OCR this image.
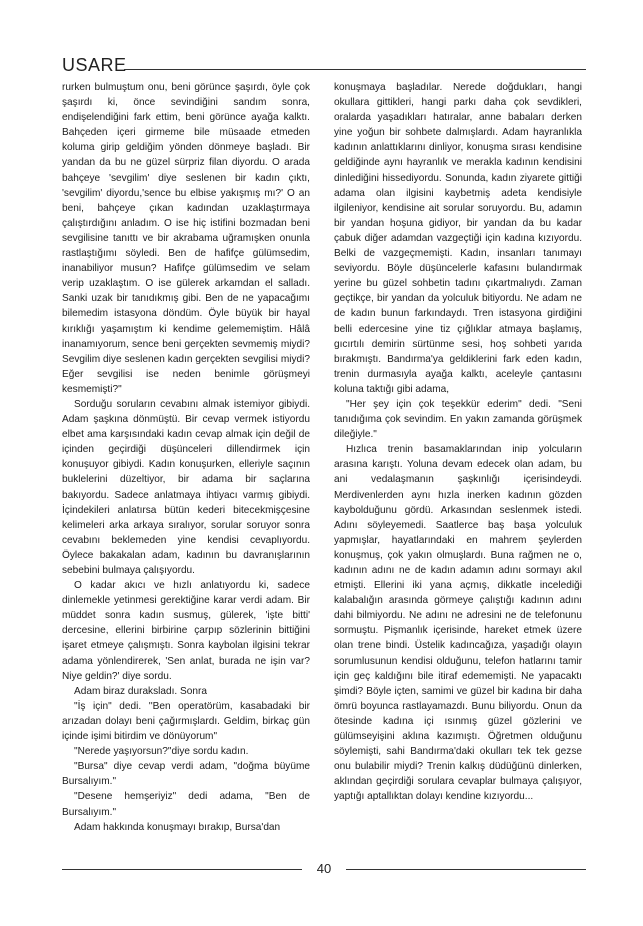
USARE

rurken bulmuştum onu, beni görünce şaşırdı, öyle çok şaşırdı ki, önce sevindiğini sandım sonra, endişelendiğini fark ettim, beni görünce ayağa kalktı. Bahçeden içeri girmeme bile müsaade etmeden koluma girip geldiğim yönden dönmeye başladı. Bir yandan da bu ne güzel sürpriz filan diyordu. O arada bahçeye 'sevgilim' diye seslenen bir kadın çıktı, 'sevgilim' diyordu,'sence bu elbise yakışmış mı?' O an beni, bahçeye çıkan kadından uzaklaştırmaya çalıştırdığını anladım. O ise hiç istifini bozmadan beni sevgilisine tanıttı ve bir akrabama uğramışken onunla rastlaştığımı söyledi. Ben de hafifçe gülümsedim, inanabiliyor musun? Hafifçe gülümsedim ve selam verip uzaklaştım. O ise gülerek arkamdan el salladı. Sanki uzak bir tanıdıkmış gibi. Ben de ne yapacağımı bilemedim istasyona döndüm. Öyle büyük bir hayal kırıklığı yaşamıştım ki kendime gelememiştim. Hâlâ inanamıyorum, sence beni gerçekten sevmemiş miydi? Sevgilim diye seslenen kadın gerçekten sevgilisi miydi? Eğer sevgilisi ise neden benimle görüşmeyi kesmemişti?"

Sorduğu soruların cevabını almak istemiyor gibiydi. Adam şaşkına dönmüştü. Bir cevap vermek istiyordu elbet ama karşısındaki kadın cevap almak için değil de içinden geçirdiği düşünceleri dillendirmek için konuşuyor gibiydi. Kadın konuşurken, elleriyle saçının buklelerini düzeltiyor, bir adama bir saçlarına bakıyordu. Sadece anlatmaya ihtiyacı varmış gibiydi. İçindekileri anlatırsa bütün kederi bitecekmişçesine kelimeleri arka arkaya sıralıyor, sorular soruyor sonra cevabını beklemeden yine kendisi cevaplıyordu. Öylece bakakalan adam, kadının bu davranışlarının sebebini bulmaya çalışıyordu.

O kadar akıcı ve hızlı anlatıyordu ki, sadece dinlemekle yetinmesi gerektiğine karar verdi adam. Bir müddet sonra kadın susmuş, gülerek, 'işte bitti' dercesine, ellerini birbirine çarpıp sözlerinin bittiğini işaret etmeye çalışmıştı. Sonra kaybolan ilgisini tekrar adama yönlendirerek, 'Sen anlat, burada ne işin var? Niye geldin?' diye sordu.

Adam biraz duraksladı. Sonra

"İş için" dedi. ''Ben operatörüm, kasabadaki bir arızadan dolayı beni çağırmışlardı. Geldim, birkaç gün içinde işimi bitirdim ve dönüyorum"

"Nerede yaşıyorsun?"diye sordu kadın.

"Bursa" diye cevap verdi adam, "doğma büyüme Bursalıyım."

"Desene hemşeriyiz" dedi adama, "Ben de Bursalıyım."

Adam hakkında konuşmayı bırakıp, Bursa'dan

konuşmaya başladılar. Nerede doğdukları, hangi okullara gittikleri, hangi parkı daha çok sevdikleri, oralarda yaşadıkları hatıralar, anne babaları derken yine yoğun bir sohbete dalmışlardı. Adam hayranlıkla kadının anlattıklarını dinliyor, konuşma sırası kendisine geldiğinde aynı hayranlık ve merakla kadının kendisini dinlediğini hissediyordu. Sonunda, kadın ziyarete gittiği adama olan ilgisini kaybetmiş adeta kendisiyle ilgileniyor, kendisine ait sorular soruyordu. Bu, adamın bir yandan hoşuna gidiyor, bir yandan da bu kadar çabuk diğer adamdan vazgeçtiği için kadına kızıyordu. Belki de vazgeçmemişti. Kadın, insanları tanımayı seviyordu. Böyle düşüncelerle kafasını bulandırmak yerine bu güzel sohbetin tadını çıkartmalıydı. Zaman geçtikçe, bir yandan da yolculuk bitiyordu. Ne adam ne de kadın bunun farkındaydı. Tren istasyona girdiğini belli edercesine yine tiz çığlıklar atmaya başlamış, gıcırtılı demirin sürtünme sesi, hoş sohbeti yarıda bırakmıştı. Bandırma'ya geldiklerini fark eden kadın, trenin durmasıyla ayağa kalktı, aceleyle çantasını koluna taktığı gibi adama,

"Her şey için çok teşekkür ederim" dedi. "Seni tanıdığıma çok sevindim. En yakın zamanda görüşmek dileğiyle."

Hızlıca trenin basamaklarından inip yolcuların arasına karıştı. Yoluna devam edecek olan adam, bu ani vedalaşmanın şaşkınlığı içerisindeydi. Merdivenlerden aynı hızla inerken kadının gözden kaybolduğunu gördü. Arkasından seslenmek istedi. Adını söyleyemedi. Saatlerce baş başa yolculuk yapmışlar, hayatlarındaki en mahrem şeylerden konuşmuş, çok yakın olmuşlardı. Buna rağmen ne o, kadının adını ne de kadın adamın adını sormayı akıl etmişti. Ellerini iki yana açmış, dikkatle incelediği kalabalığın arasında görmeye çalıştığı kadının adını dahi bilmiyordu. Ne adını ne adresini ne de telefonunu sormuştu. Pişmanlık içerisinde, hareket etmek üzere olan trene bindi. Üstelik kadıncağıza, yaşadığı olayın sorumlusunun kendisi olduğunu, telefon hatlarını tamir için geç kaldığını bile itiraf edememişti. Ne yapacaktı şimdi? Böyle içten, samimi ve güzel bir kadına bir daha ömrü boyunca rastlayamazdı. Bunu biliyordu. Onun da ötesinde kadına içi ısınmış güzel gözlerini ve gülümseyişini aklına kazımıştı. Öğretmen olduğunu söylemişti, sahi Bandırma'daki okulları tek tek gezse onu bulabilir miydi? Trenin kalkış düdüğünü dinlerken, aklından geçirdiği sorulara cevaplar bulmaya çalışıyor, yaptığı aptallıktan dolayı kendine kızıyordu...

40
